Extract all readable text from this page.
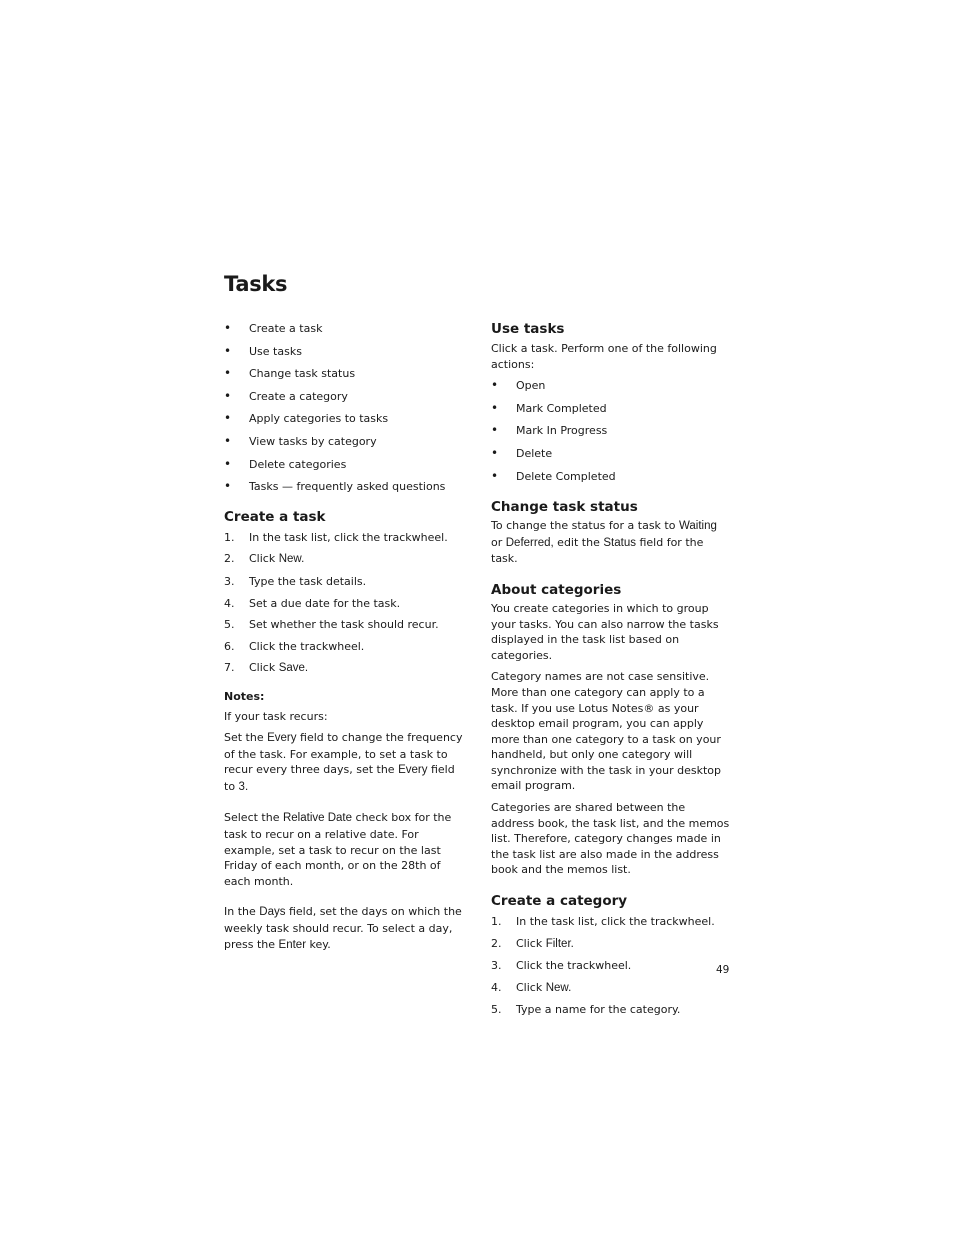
Tasks
• Create a task
• Use tasks
• Change task status
• Create a category
• Apply categories to tasks
• View tasks by category
• Delete categories
• Tasks — frequently asked questions
Create a task
1. In the task list, click the trackwheel.
2. Click New.
3. Type the task details.
4. Set a due date for the task.
5. Set whether the task should recur.
6. Click the trackwheel.
7. Click Save.

Notes:

If your task recurs:

Set the Every field to change the frequency of the task. For example, to set a task to recur every three days, set the Every field to 3.

Select the Relative Date check box for the task to recur on a relative date. For example, set a task to recur on the last Friday of each month, or on the 28th of each month.

In the Days field, set the days on which the weekly task should recur. To select a day, press the Enter key.

Use tasks

Click a task. Perform one of the following actions:

• Open
• Mark Completed
• Mark In Progress
• Delete
• Delete Completed
Change task status

To change the status for a task to Waiting or Deferred, edit the Status field for the task.

About categories

You create categories in which to group your tasks. You can also narrow the tasks displayed in the task list based on categories.

Category names are not case sensitive. More than one category can apply to a task. If you use Lotus Notes® as your desktop email program, you can apply more than one category to a task on your handheld, but only one category will synchronize with the task in your desktop email program.

Categories are shared between the address book, the task list, and the memos list. Therefore, category changes made in the task list are also made in the address book and the memos list.

Create a category
1. In the task list, click the trackwheel.
2. Click Filter.
3. Click the trackwheel.
4. Click New.
5. Type a name for the category.
49
